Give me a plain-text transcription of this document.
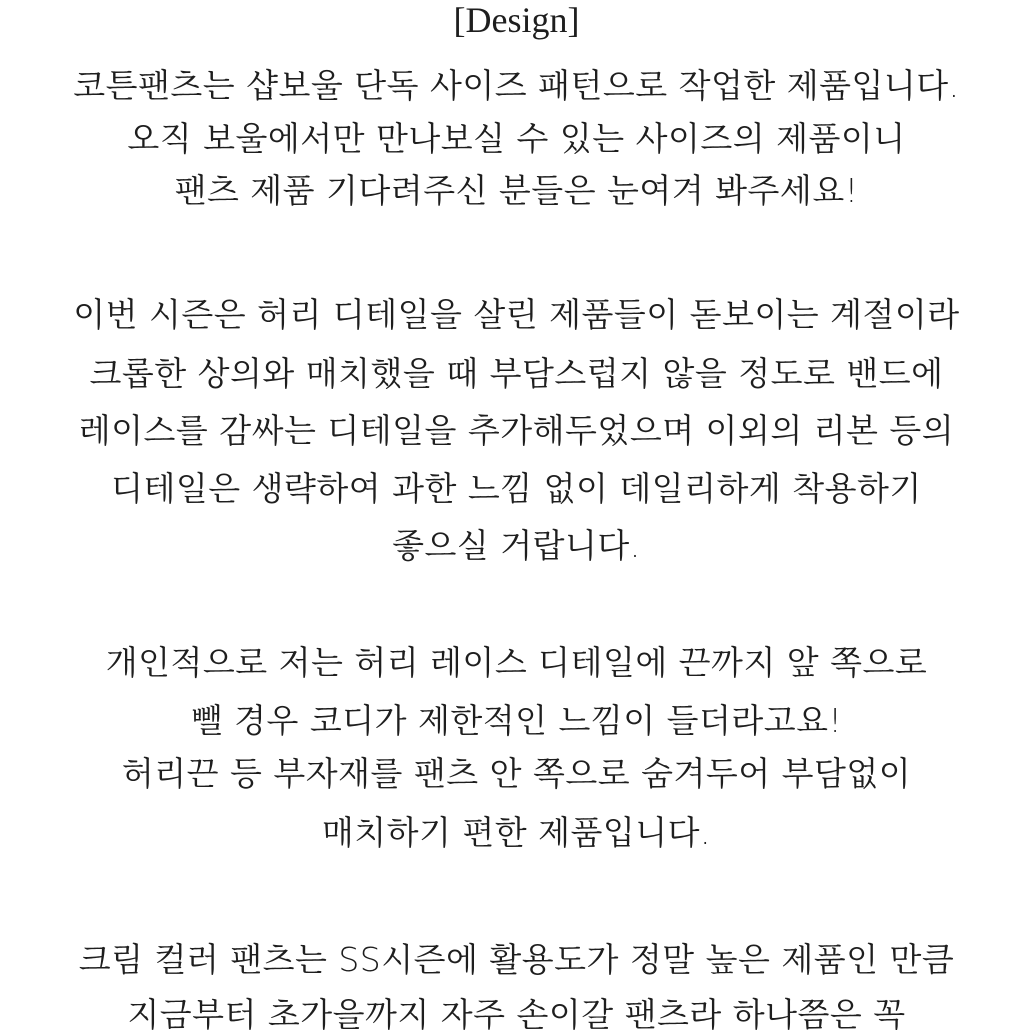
[Design]
코튼팬츠는 샵보울 단독 사이즈 패턴으로 작업한 제품입니다.
오직 보울에서만 만나보실 수 있는 사이즈의 제품이니
팬츠 제품 기다려주신 분들은 눈여겨 봐주세요!
이번 시즌은 허리 디테일을 살린 제품들이 돋보이는 계절이라
크롭한 상의와 매치했을 때 부담스럽지 않을 정도로 밴드에
레이스를 감싸는 디테일을 추가해두었으며 이외의 리본 등의
디테일은 생략하여 과한 느낌 없이 데일리하게 착용하기
좋으실 거랍니다.
개인적으로 저는 허리 레이스 디테일에 끈까지 앞 쪽으로
뺄 경우 코디가 제한적인 느낌이 들더라고요!
허리끈 등 부자재를 팬츠 안 쪽으로 숨겨두어 부담없이
매치하기 편한 제품입니다.
크림 컬러 팬츠는 SS시즌에 활용도가 정말 높은 제품인 만큼
지금부터 초가을까지 자주 손이갈 팬츠라 하나쯤은 꼭
